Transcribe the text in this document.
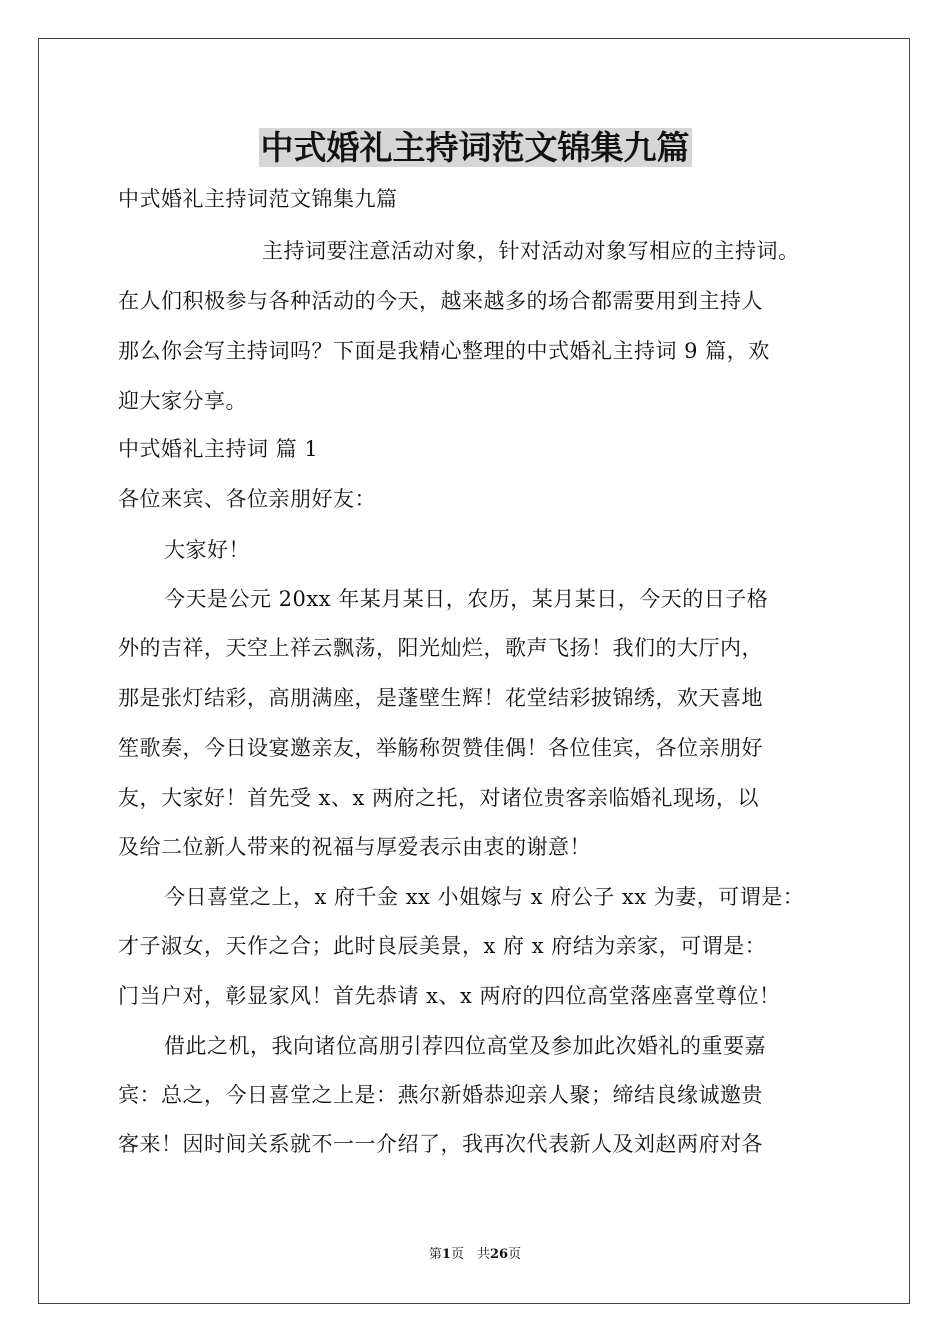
中式婚礼主持词范文锦集九篇
中式婚礼主持词范文锦集九篇
主持词要注意活动对象，针对活动对象写相应的主持词。
在人们积极参与各种活动的今天，越来越多的场合都需要用到主持人
那么你会写主持词吗？下面是我精心整理的中式婚礼主持词 9 篇，欢
迎大家分享。
中式婚礼主持词 篇 1
各位来宾、各位亲朋好友：
大家好！
今天是公元 20xx 年某月某日，农历，某月某日，今天的日子格
外的吉祥，天空上祥云飘荡，阳光灿烂，歌声飞扬！我们的大厅内，
那是张灯结彩，高朋满座，是蓬壁生辉！花堂结彩披锦绣，欢天喜地
笙歌奏，今日设宴邀亲友，举觞称贺赞佳偶！各位佳宾，各位亲朋好
友，大家好！首先受 x、x 两府之托，对诸位贵客亲临婚礼现场，以
及给二位新人带来的祝福与厚爱表示由衷的谢意！
今日喜堂之上，x 府千金 xx 小姐嫁与 x 府公子 xx 为妻，可谓是：
才子淑女，天作之合；此时良辰美景，x 府 x 府结为亲家，可谓是：
门当户对，彰显家风！首先恭请 x、x 两府的四位高堂落座喜堂尊位！
借此之机，我向诸位高朋引荐四位高堂及参加此次婚礼的重要嘉
宾：总之，今日喜堂之上是：燕尔新婚恭迎亲人聚；缔结良缘诚邀贵
客来！因时间关系就不一一介绍了，我再次代表新人及刘赵两府对各
第1页　共26页
